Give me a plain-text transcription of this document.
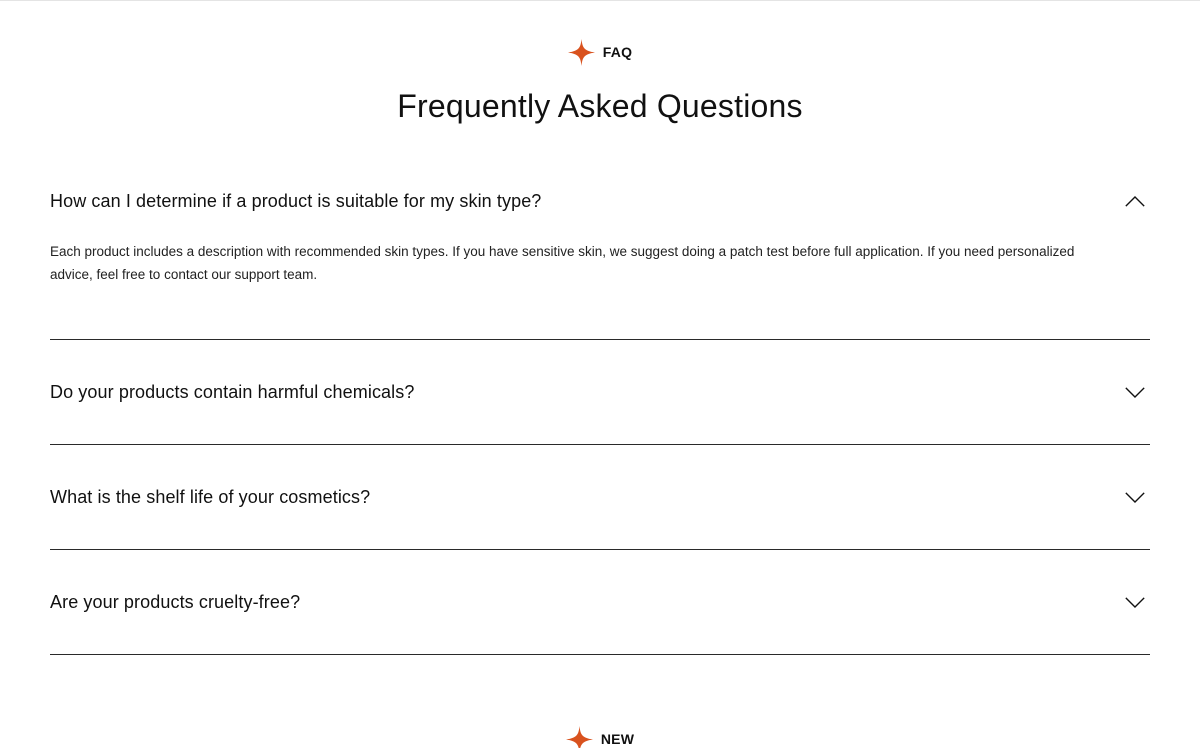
FAQ
Frequently Asked Questions
How can I determine if a product is suitable for my skin type?

Each product includes a description with recommended skin types. If you have sensitive skin, we suggest doing a patch test before full application. If you need personalized advice, feel free to contact our support team.

Do your products contain harmful chemicals?
What is the shelf life of your cosmetics?
Are your products cruelty-free?
NEW
